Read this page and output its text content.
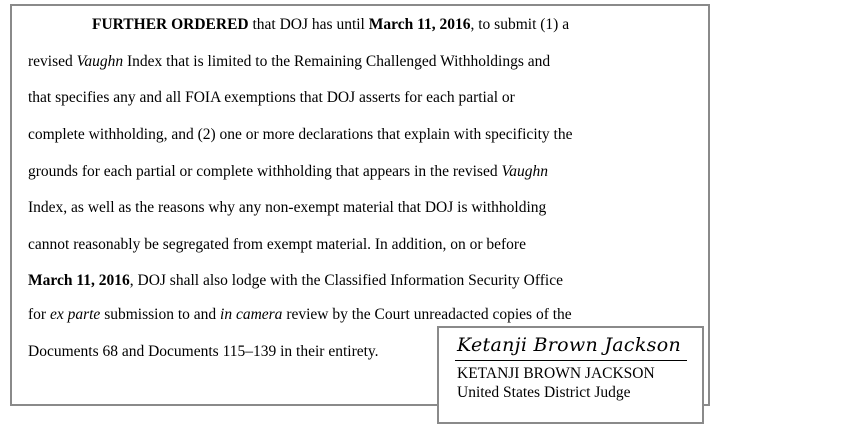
FURTHER ORDERED that DOJ has until March 11, 2016, to submit (1) a
revised Vaughn Index that is limited to the Remaining Challenged Withholdings and
that specifies any and all FOIA exemptions that DOJ asserts for each partial or
complete withholding, and (2) one or more declarations that explain with specificity the
grounds for each partial or complete withholding that appears in the revised Vaughn
Index, as well as the reasons why any non-exempt material that DOJ is withholding
cannot reasonably be segregated from exempt material. In addition, on or before
March 11, 2016, DOJ shall also lodge with the Classified Information Security Office
for ex parte submission to and in camera review by the Court unreadacted copies of the
Documents 68 and Documents 115–139 in their entirety.	Ketanji Brown Jackson
KETANJI BROWN JACKSON
United States District Judge
